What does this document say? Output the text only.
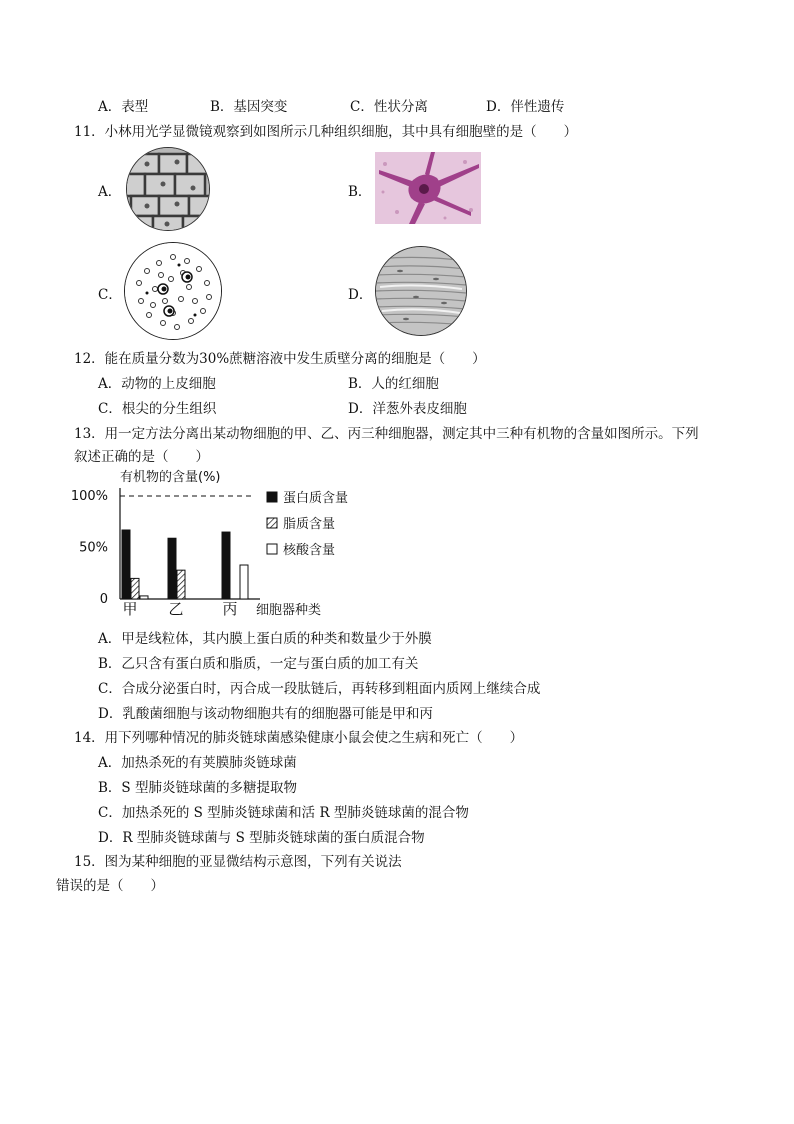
A．表型	B．基因突变	C．性状分离	D．伴性遗传
11．小林用光学显微镜观察到如图所示几种组织细胞，其中具有细胞壁的是（　　）
A．	B．
C．	D．
12．能在质量分数为30%蔗糖溶液中发生质壁分离的细胞是（　　）
A．动物的上皮细胞	B．人的红细胞
C．根尖的分生组织	D．洋葱外表皮细胞
13．用一定方法分离出某动物细胞的甲、乙、丙三种细胞器，测定其中三种有机物的含量如图所示。下列
叙述正确的是（　　）
有机物的含量(%)
0
50%
100%
甲 乙	丙 细胞器种类
蛋白质含量
脂质含量
核酸含量
A．甲是线粒体，其内膜上蛋白质的种类和数量少于外膜
B．乙只含有蛋白质和脂质，一定与蛋白质的加工有关
C．合成分泌蛋白时，丙合成一段肽链后，再转移到粗面内质网上继续合成
D．乳酸菌细胞与该动物细胞共有的细胞器可能是甲和丙
14．用下列哪种情况的肺炎链球菌感染健康小鼠会使之生病和死亡（　　）
A．加热杀死的有荚膜肺炎链球菌
B．S 型肺炎链球菌的多糖提取物
C．加热杀死的 S 型肺炎链球菌和活 R 型肺炎链球菌的混合物
D．R 型肺炎链球菌与 S 型肺炎链球菌的蛋白质混合物
15．图为某种细胞的亚显微结构示意图，下列有关说法
错误的是（　　）
